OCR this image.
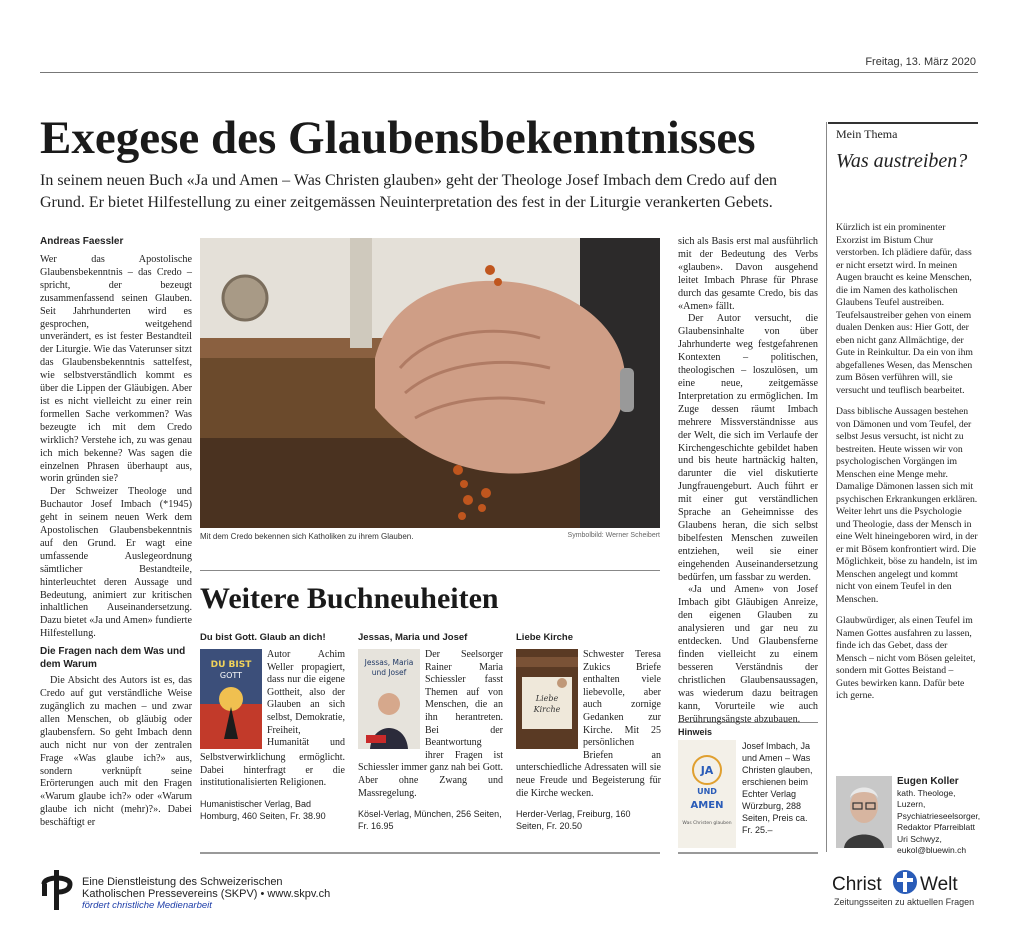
Freitag, 13. März 2020
Exegese des Glaubensbekenntnisses

In seinem neuen Buch «Ja und Amen – Was Christen glauben» geht der Theologe Josef Imbach dem Credo auf den Grund. Er bietet Hilfestellung zu einer zeitgemässen Neuinterpretation des fest in der Liturgie verankerten Gebets.

Andreas Faessler

Wer das Apostolische Glaubensbekenntnis – das Credo – spricht, der bezeugt zusammenfassend seinen Glauben. Seit Jahrhunderten wird es gesprochen, weitgehend unverändert, es ist fester Bestandteil der Liturgie. Wie das Vaterunser sitzt das Glaubensbekenntnis sattelfest, wie selbstverständlich kommt es über die Lippen der Gläubigen. Aber ist es nicht vielleicht zu einer rein formellen Sache verkommen? Was bezeugte ich mit dem Credo wirklich? Verstehe ich, zu was genau ich mich bekenne? Was sagen die einzelnen Phrasen überhaupt aus, worin gründen sie?

Der Schweizer Theologe und Buchautor Josef Imbach (*1945) geht in seinem neuen Werk dem Apostolischen Glaubensbekenntnis auf den Grund. Er wagt eine umfassende Auslegeordnung sämtlicher Bestandteile, hinterleuchtet deren Aussage und Bedeutung, animiert zur kritischen inhaltlichen Auseinandersetzung. Dazu bietet «Ja und Amen» fundierte Hilfestellung.

Die Fragen nach dem Was und dem Warum

Die Absicht des Autors ist es, das Credo auf gut verständliche Weise zugänglich zu machen – und zwar allen Menschen, ob gläubig oder glaubensfern. So geht Imbach denn auch nicht nur von der zentralen Frage «Was glaube ich?» aus, sondern verknüpft seine Erörterungen auch mit den Fragen «Warum glaube ich?» oder «Warum glaube ich nicht (mehr)?». Dabei beschäftigt er

Mit dem Credo bekennen sich Katholiken zu ihrem Glauben.	Symbolbild: Werner Scheibert
Weitere Buchneuheiten
Du bist Gott. Glaub an dich!
DU BIST
GOTT
Autor Achim Weller propagiert, dass nur die eigene Gottheit, also der Glauben an sich selbst, Demokratie, Freiheit, Humanität und Selbstverwirklichung ermöglicht. Dabei hinterfragt er die institutionalisierten Religionen.
Humanistischer Verlag, Bad Homburg, 460 Seiten, Fr. 38.90
Jessas, Maria und Josef
Jessas, Maria
und Josef
Der Seelsorger Rainer Maria Schiessler fasst Themen auf von Menschen, die an ihn herantreten. Bei der Beantwortung ihrer Fragen ist Schiessler immer ganz nah bei Gott. Aber ohne Zwang und Massregelung.
Kösel-Verlag, München, 256 Seiten, Fr. 16.95
Liebe Kirche
Liebe
Kirche
Schwester Teresa Zukics Briefe enthalten viele liebevolle, aber auch zornige Gedanken zur Kirche. Mit 25 persönlichen Briefen an unterschiedliche Adressaten will sie neue Freude und Begeisterung für die Kirche wecken.
Herder-Verlag, Freiburg, 160 Seiten, Fr. 20.50

sich als Basis erst mal ausführlich mit der Bedeutung des Verbs «glauben». Davon ausgehend leitet Imbach Phrase für Phrase durch das gesamte Credo, bis das «Amen» fällt.

Der Autor versucht, die Glaubensinhalte von über Jahrhunderte weg festgefahrenen Kontexten – politischen, theologischen – loszulösen, um eine neue, zeitgemässe Interpretation zu ermöglichen. Im Zuge dessen räumt Imbach mehrere Missverständnisse aus der Welt, die sich im Verlaufe der Kirchengeschichte gebildet haben und bis heute hartnäckig halten, darunter die viel diskutierte Jungfrauengeburt. Auch führt er mit einer gut verständlichen Sprache an Geheimnisse des Glaubens heran, die sich selbst bibelfesten Menschen zuweilen entziehen, weil sie einer eingehenden Auseinandersetzung bedürfen, um fassbar zu werden.

«Ja und Amen» von Josef Imbach gibt Gläubigen Anreize, den eigenen Glauben zu analysieren und gar neu zu entdecken. Und Glaubensferne finden vielleicht zu einem besseren Verständnis der christlichen Glaubensaussagen, was wiederum dazu beitragen kann, Vorurteile wie auch Berührungsängste abzubauen.

Hinweis
JA
UND
AMEN
Was Christen glauben
Josef Imbach, Ja und Amen – Was Christen glauben, erschienen beim Echter Verlag Würzburg, 288 Seiten, Preis ca. Fr. 25.–
Mein Thema
Was austreiben?

Kürzlich ist ein prominenter Exorzist im Bistum Chur verstorben. Ich plädiere dafür, dass er nicht ersetzt wird. In meinen Augen braucht es keine Menschen, die im Namen des katholischen Glaubens Teufel austreiben. Teufelsaustreiber gehen von einem dualen Denken aus: Hier Gott, der eben nicht ganz Allmächtige, der Gute in Reinkultur. Da ein von ihm abgefallenes Wesen, das Menschen zum Bösen verführen will, sie versucht und teuflisch bearbeitet.

Dass biblische Aussagen bestehen von Dämonen und vom Teufel, der selbst Jesus versucht, ist nicht zu bestreiten. Heute wissen wir von psychologischen Vorgängen im Menschen eine Menge mehr. Damalige Dämonen lassen sich mit psychischen Erkrankungen erklären. Weiter lehrt uns die Psychologie und Theologie, dass der Mensch in eine Welt hineingeboren wird, in der er mit Bösem konfrontiert wird. Die Möglichkeit, böse zu handeln, ist im Menschen angelegt und kommt nicht von einem Teufel in den Menschen.

Glaubwürdiger, als einen Teufel im Namen Gottes ausfahren zu lassen, finde ich das Gebet, dass der Mensch – nicht vom Bösen geleitet, sondern mit Gottes Beistand – Gutes bewirken kann. Dafür bete ich gerne.

Eugen Koller
kath. Theologe, Luzern, Psychiatrieseelsorger, Redaktor Pfarreiblatt Uri Schwyz,
eukol@bluewin.ch
Eine Dienstleistung des Schweizerischen
Katholischen Pressevereins (SKPV) • www.skpv.ch
fördert christliche Medienarbeit
Christ Welt
Zeitungsseiten zu aktuellen Fragen
